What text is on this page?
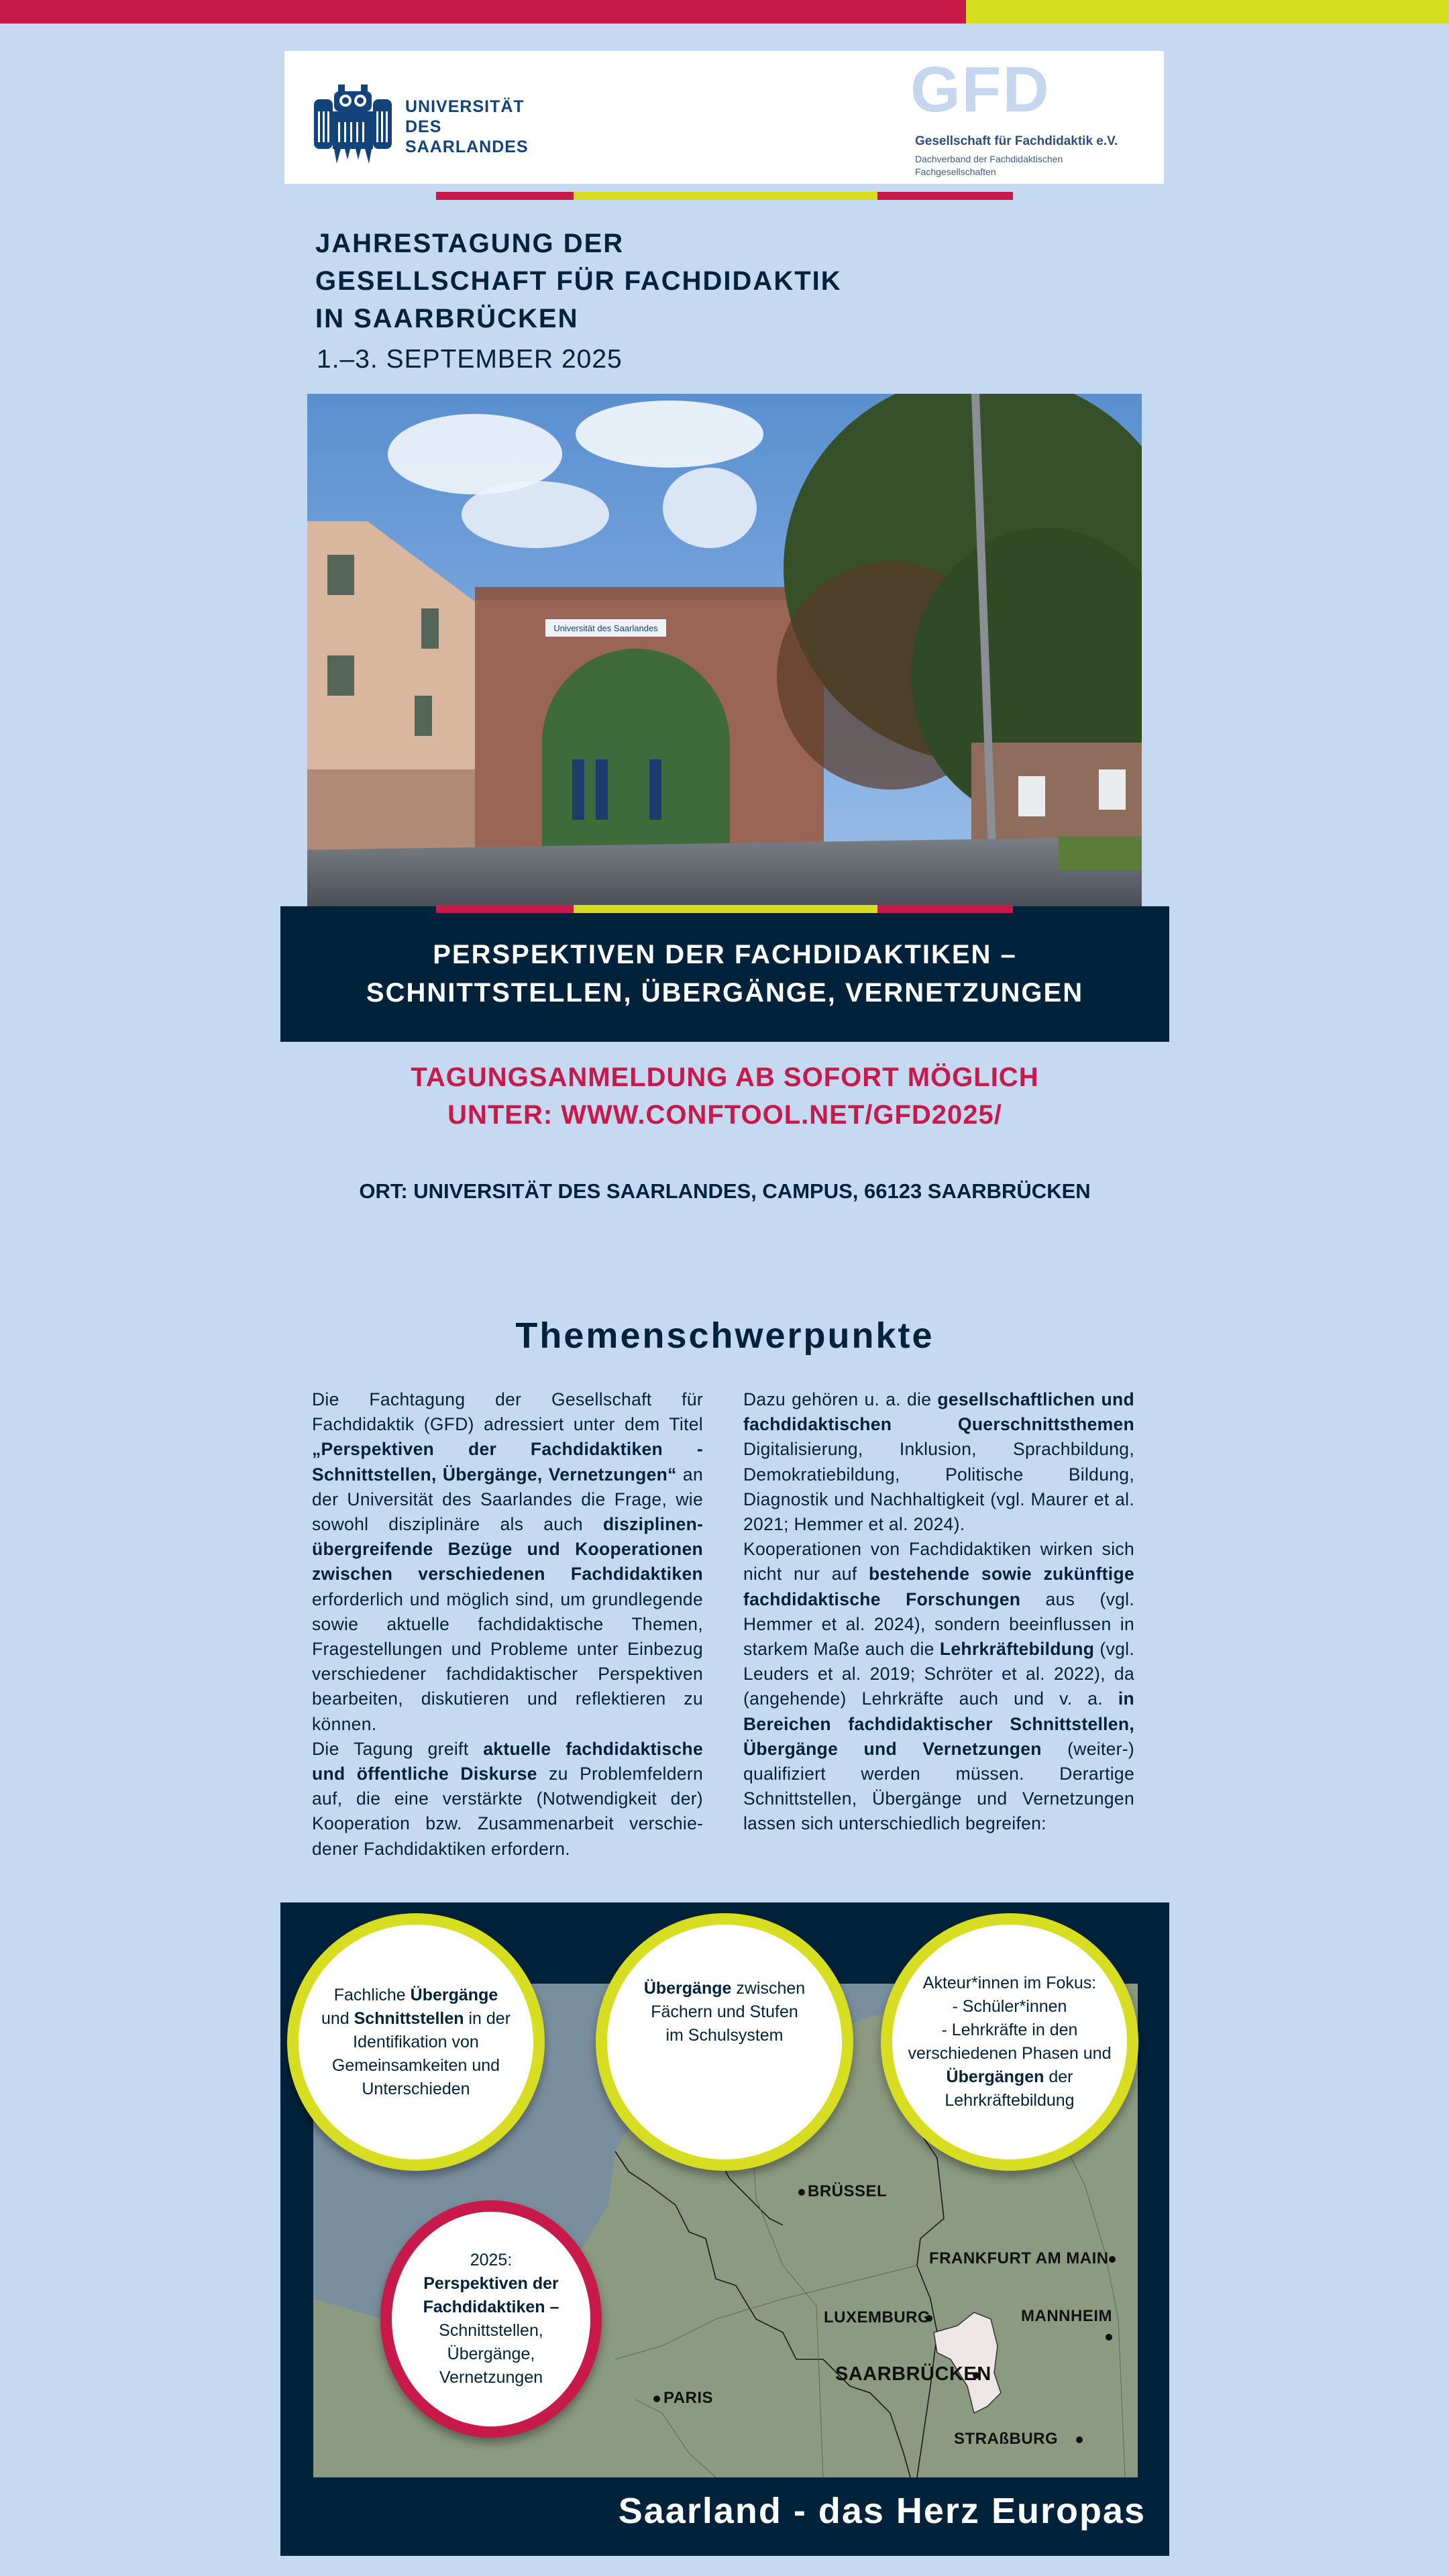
UNIVERSITÄT
DES
SAARLANDES
GFD
Gesellschaft für Fachdidaktik e.V.
Dachverband der Fachdidaktischen
Fachgesellschaften
JAHRESTAGUNG DER
GESELLSCHAFT FÜR FACHDIDAKTIK
IN SAARBRÜCKEN
1.–3. SEPTEMBER 2025
Universität des Saarlandes
PERSPEKTIVEN DER FACHDIDAKTIKEN –
SCHNITTSTELLEN, ÜBERGÄNGE, VERNETZUNGEN
TAGUNGSANMELDUNG AB SOFORT MÖGLICH
UNTER: WWW.CONFTOOL.NET/GFD2025/
ORT: UNIVERSITÄT DES SAARLANDES, CAMPUS, 66123 SAARBRÜCKEN
Themenschwerpunkte
Die Fachtagung der Gesellschaft für Fachdidaktik (GFD) adressiert unter dem Titel „Perspektiven der Fachdidaktiken - Schnittstellen, Übergänge, Vernetzungen“ an der Universität des Saarlandes die Frage, wie sowohl disziplinäre als auch disziplinenübergreifende Bezüge und Kooperationen zwischen verschiedenen Fachdidaktiken erforderlich und möglich sind, um grundlegende sowie aktuelle fachdidaktische Themen, Fragestellungen und Probleme unter Einbezug verschiedener fachdidaktischer Perspektiven bearbeiten, diskutieren und reflektieren zu können.
Die Tagung greift aktuelle fachdidaktische und öffentliche Diskurse zu Problemfeldern auf, die eine verstärkte (Notwendigkeit der) Kooperation bzw. Zusammenarbeit verschiedener Fachdidaktiken erfordern.
Dazu gehören u. a. die gesellschaftlichen und fachdidaktischen Querschnittsthemen Digitalisierung, Inklusion, Sprachbildung, Demokratiebildung, Politische Bildung, Diagnostik und Nachhaltigkeit (vgl. Maurer et al. 2021; Hemmer et al. 2024).
Kooperationen von Fachdidaktiken wirken sich nicht nur auf bestehende sowie zukünftige fachdidaktische Forschungen aus (vgl. Hemmer et al. 2024), sondern beeinflussen in starkem Maße auch die Lehrkräftebildung (vgl. Leuders et al. 2019; Schröter et al. 2022), da (angehende) Lehrkräfte auch und v. a. in Bereichen fachdidaktischer Schnittstellen, Übergänge und Vernetzungen (weiter-) qualifiziert werden müssen. Derartige Schnittstellen, Übergänge und Vernetzungen lassen sich unterschiedlich begreifen:
BRÜSSEL
FRANKFURT AM MAIN
LUXEMBURG	MANNHEIM
SAARBRÜCKEN
PARIS
STRAßBURG
Fachliche Übergänge
und Schnittstellen in der
Identifikation von
Gemeinsamkeiten und
Unterschieden
Übergänge zwischen
Fächern und Stufen
im Schulsystem
Akteur*innen im Fokus:
- Schüler*innen
- Lehrkräfte in den
verschiedenen Phasen und
Übergängen der
Lehrkräftebildung
2025:
Perspektiven der
Fachdidaktiken –
Schnittstellen,
Übergänge,
Vernetzungen
Saarland - das Herz Europas
